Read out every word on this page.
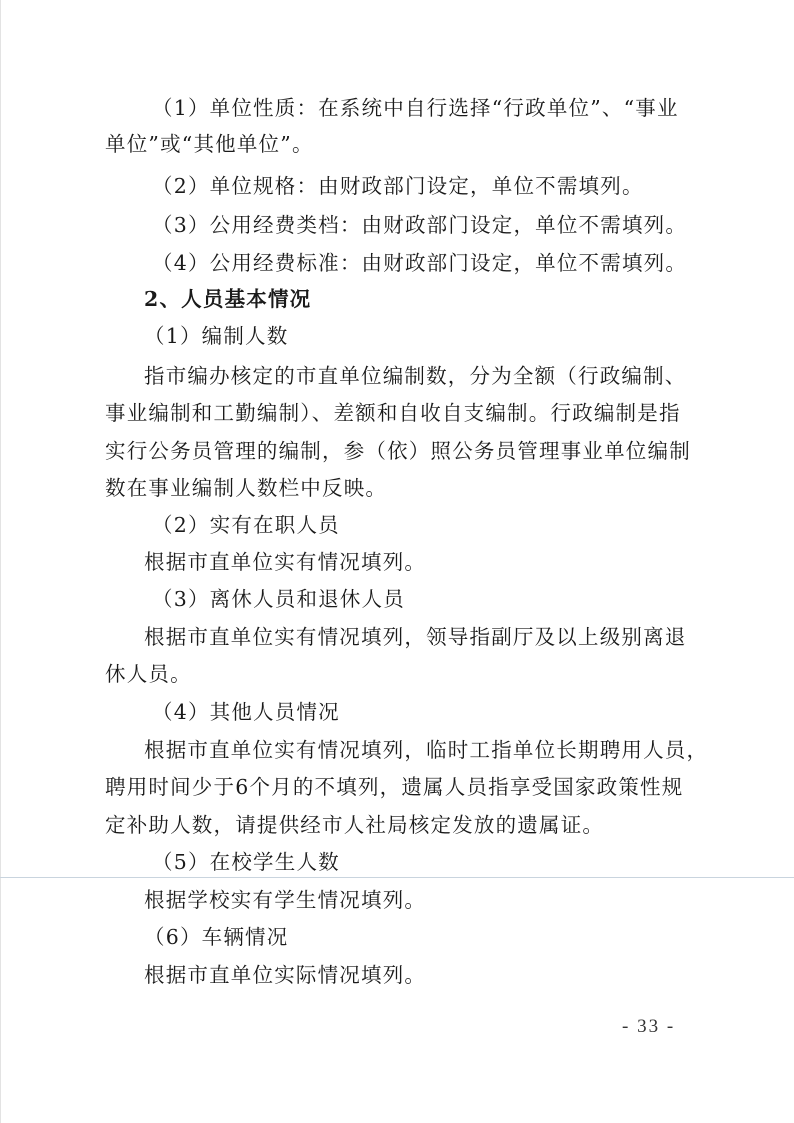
（1）单位性质：在系统中自行选择“行政单位”、“事业
单位”或“其他单位”。
（2）单位规格：由财政部门设定，单位不需填列。
（3）公用经费类档：由财政部门设定，单位不需填列。
（4）公用经费标准：由财政部门设定，单位不需填列。
2、人员基本情况
（1）编制人数
指市编办核定的市直单位编制数，分为全额（行政编制、
事业编制和工勤编制）、差额和自收自支编制。行政编制是指
实行公务员管理的编制，参（依）照公务员管理事业单位编制
数在事业编制人数栏中反映。
（2）实有在职人员
根据市直单位实有情况填列。
（3）离休人员和退休人员
根据市直单位实有情况填列，领导指副厅及以上级别离退
休人员。
（4）其他人员情况
根据市直单位实有情况填列，临时工指单位长期聘用人员，
聘用时间少于6个月的不填列，遗属人员指享受国家政策性规
定补助人数，请提供经市人社局核定发放的遗属证。
（5）在校学生人数
根据学校实有学生情况填列。
（6）车辆情况
根据市直单位实际情况填列。
- 33 -
